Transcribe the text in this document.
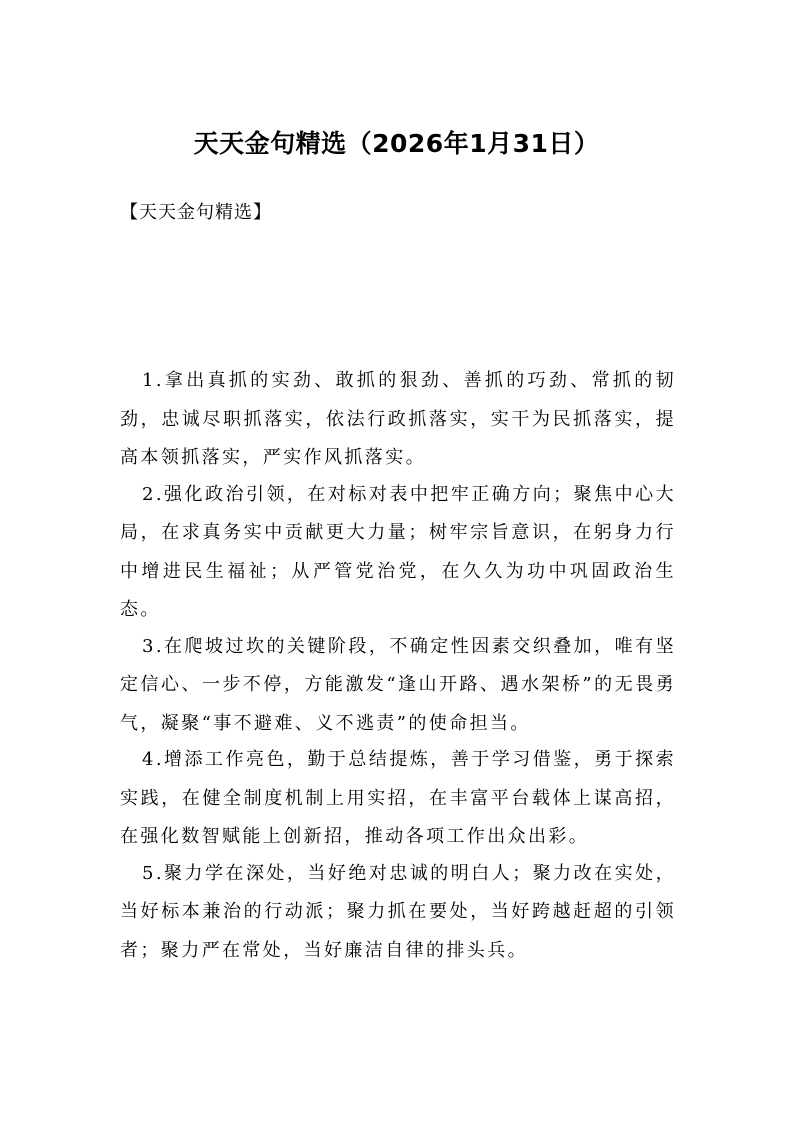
天天金句精选（2026年1月31日）

【天天金句精选】

1.拿出真抓的实劲、敢抓的狠劲、善抓的巧劲、常抓的韧劲，忠诚尽职抓落实，依法行政抓落实，实干为民抓落实，提高本领抓落实，严实作风抓落实。

2.强化政治引领，在对标对表中把牢正确方向；聚焦中心大局，在求真务实中贡献更大力量；树牢宗旨意识，在躬身力行中增进民生福祉；从严管党治党，在久久为功中巩固政治生态。

3.在爬坡过坎的关键阶段，不确定性因素交织叠加，唯有坚定信心、一步不停，方能激发“逢山开路、遇水架桥”的无畏勇气，凝聚“事不避难、义不逃责”的使命担当。

4.增添工作亮色，勤于总结提炼，善于学习借鉴，勇于探索实践，在健全制度机制上用实招，在丰富平台载体上谋高招，在强化数智赋能上创新招，推动各项工作出众出彩。

5.聚力学在深处，当好绝对忠诚的明白人；聚力改在实处，当好标本兼治的行动派；聚力抓在要处，当好跨越赶超的引领者；聚力严在常处，当好廉洁自律的排头兵。
